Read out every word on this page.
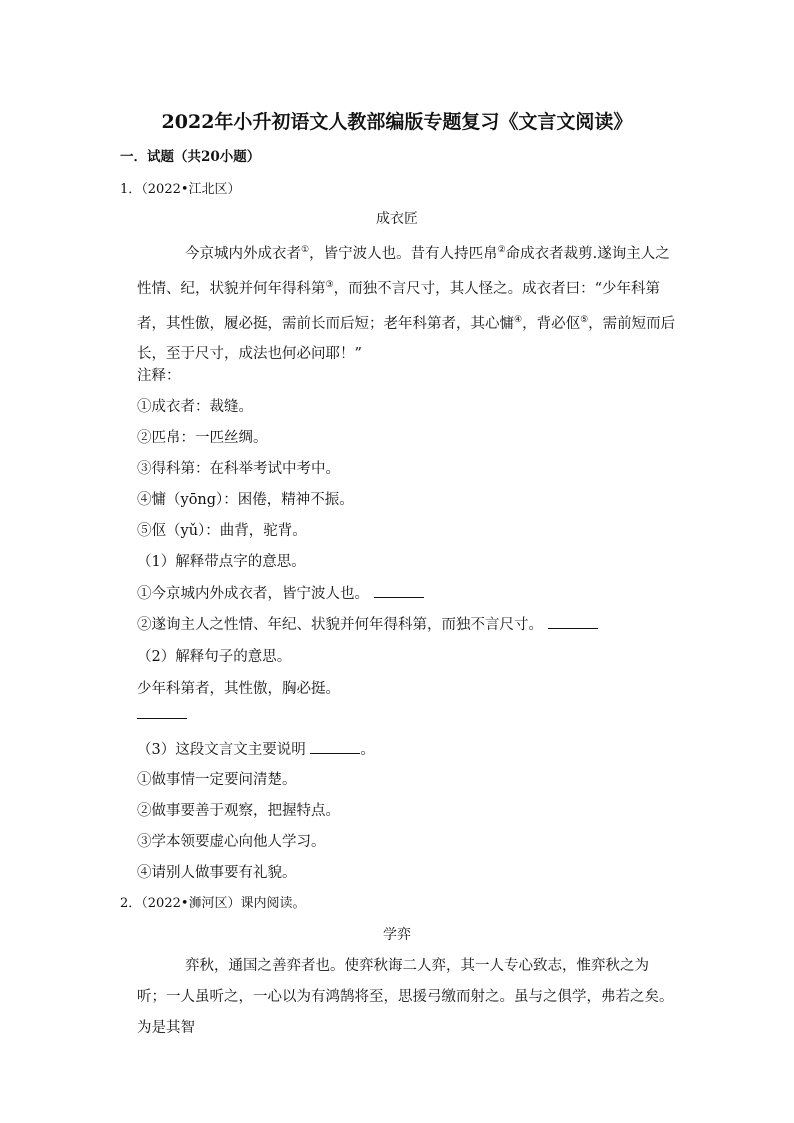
2022年小升初语文人教部编版专题复习《文言文阅读》
一．试题（共20小题）
1．（2022•江北区）
成衣匠
今京城内外成衣者①，皆宁波人也。昔有人持匹帛②命成衣者裁剪.遂询主人之性情、纪，状貌并何年得科第③，而独不言尺寸，其人怪之。成衣者曰：“少年科第者，其性傲，履必挺，需前长而后短；老年科第者，其心慵④，背必伛⑤，需前短而后长，至于尺寸，成法也何必问耶！”
注释：
①成衣者：裁缝。
②匹帛：一匹丝绸。
③得科第：在科举考试中考中。
④慵（yōng）：困倦，精神不振。
⑤伛（yǔ）：曲背，驼背。
（1）解释带点字的意思。
①今京城内外成衣者，皆宁波人也。
②遂询主人之性情、年纪、状貌并何年得科第，而独不言尺寸。
（2）解释句子的意思。
少年科第者，其性傲，胸必挺。
（3）这段文言文主要说明	。
①做事情一定要问清楚。
②做事要善于观察，把握特点。
③学本领要虚心向他人学习。
④请别人做事要有礼貌。
2．（2022•浉河区）课内阅读。
学弈
弈秋，通国之善弈者也。使弈秋诲二人弈，其一人专心致志，惟弈秋之为听；一人虽听之，一心以为有鸿鹄将至，思援弓缴而射之。虽与之俱学，弗若之矣。为是其智
